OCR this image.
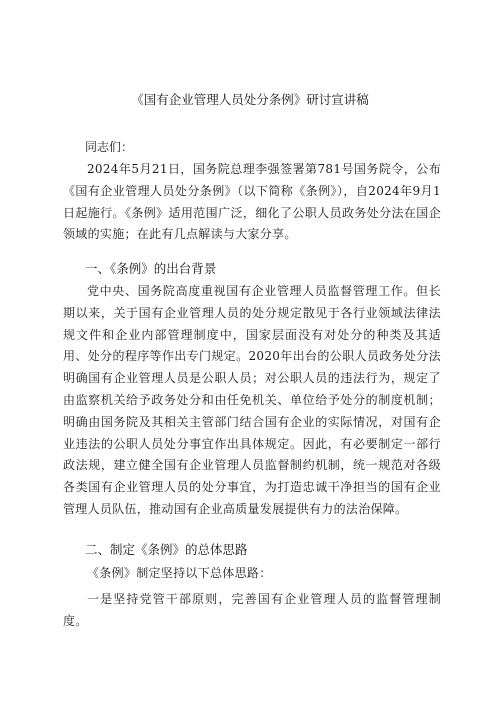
《国有企业管理人员处分条例》研讨宣讲稿
同志们：

2024年5月21日，国务院总理李强签署第781号国务院令，公布《国有企业管理人员处分条例》（以下简称《条例》），自2024年9月1日起施行。《条例》适用范围广泛，细化了公职人员政务处分法在国企领域的实施；在此有几点解读与大家分享。

一、《条例》的出台背景

党中央、国务院高度重视国有企业管理人员监督管理工作。但长期以来，关于国有企业管理人员的处分规定散见于各行业领域法律法规文件和企业内部管理制度中，国家层面没有对处分的种类及其适用、处分的程序等作出专门规定。2020年出台的公职人员政务处分法明确国有企业管理人员是公职人员；对公职人员的违法行为，规定了由监察机关给予政务处分和由任免机关、单位给予处分的制度机制；明确由国务院及其相关主管部门结合国有企业的实际情况，对国有企业违法的公职人员处分事宜作出具体规定。因此，有必要制定一部行政法规，建立健全国有企业管理人员监督制约机制，统一规范对各级各类国有企业管理人员的处分事宜，为打造忠诚干净担当的国有企业管理人员队伍，推动国有企业高质量发展提供有力的法治保障。

二、制定《条例》的总体思路

《条例》制定坚持以下总体思路：

一是坚持党管干部原则，完善国有企业管理人员的监督管理制度。
